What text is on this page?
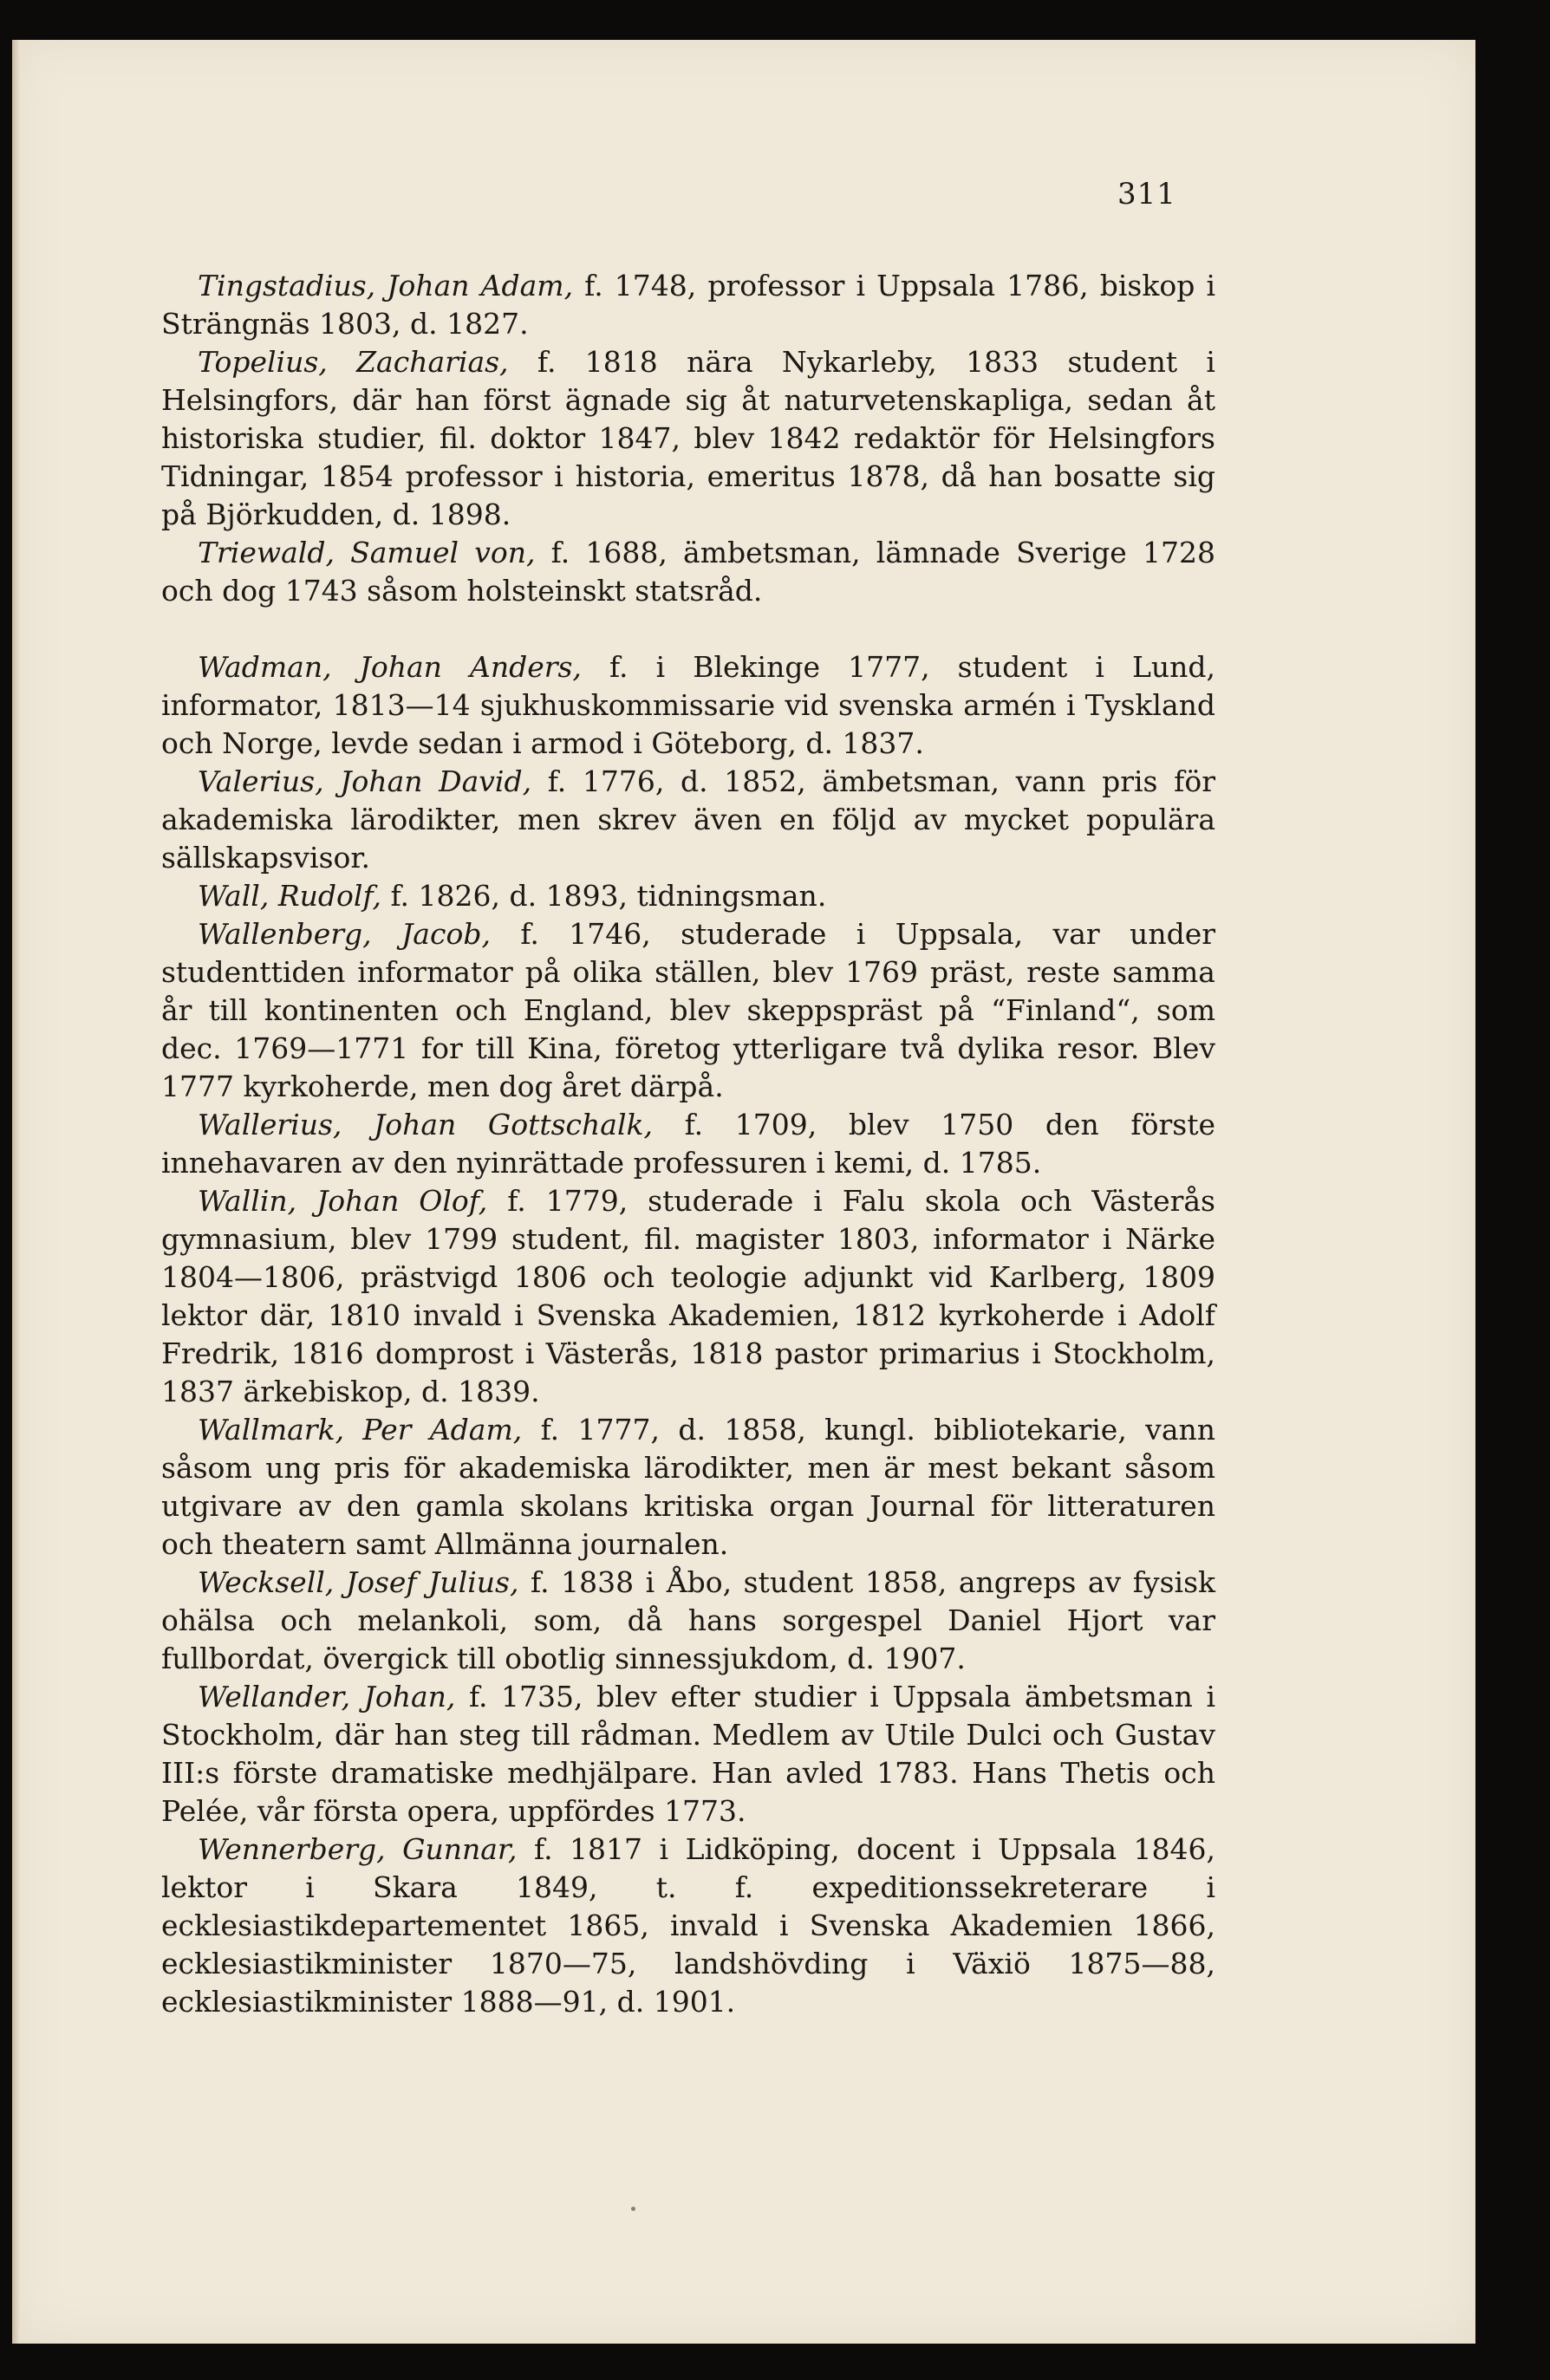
311

Tingstadius, Johan Adam, f. 1748, professor i Uppsala 1786, biskop i Strängnäs 1803, d. 1827.

Topelius, Zacharias, f. 1818 nära Nykarleby, 1833 student i Helsingfors, där han först ägnade sig åt naturvetenskapliga, sedan åt historiska studier, fil. doktor 1847, blev 1842 redaktör för Helsingfors Tidningar, 1854 professor i historia, emeritus 1878, då han bosatte sig på Björkudden, d. 1898.

Triewald, Samuel von, f. 1688, ämbetsman, lämnade Sverige 1728 och dog 1743 såsom holsteinskt statsråd.

Wadman, Johan Anders, f. i Blekinge 1777, student i Lund, informator, 1813—14 sjukhuskommissarie vid svenska armén i Tyskland och Norge, levde sedan i armod i Göteborg, d. 1837.

Valerius, Johan David, f. 1776, d. 1852, ämbetsman, vann pris för akademiska lärodikter, men skrev även en följd av mycket populära sällskapsvisor.

Wall, Rudolf, f. 1826, d. 1893, tidningsman.

Wallenberg, Jacob, f. 1746, studerade i Uppsala, var under studenttiden informator på olika ställen, blev 1769 präst, reste samma år till kontinenten och England, blev skeppspräst på “Finland“, som dec. 1769—1771 for till Kina, företog ytterligare två dylika resor. Blev 1777 kyrkoherde, men dog året därpå.

Wallerius, Johan Gottschalk, f. 1709, blev 1750 den förste innehavaren av den nyinrättade professuren i kemi, d. 1785.

Wallin, Johan Olof, f. 1779, studerade i Falu skola och Västerås gymnasium, blev 1799 student, fil. magister 1803, informator i Närke 1804—1806, prästvigd 1806 och teologie adjunkt vid Karlberg, 1809 lektor där, 1810 invald i Svenska Akademien, 1812 kyrkoherde i Adolf Fredrik, 1816 domprost i Västerås, 1818 pastor primarius i Stockholm, 1837 ärkebiskop, d. 1839.

Wallmark, Per Adam, f. 1777, d. 1858, kungl. bibliotekarie, vann såsom ung pris för akademiska lärodikter, men är mest bekant såsom utgivare av den gamla skolans kritiska organ Journal för litteraturen och theatern samt Allmänna journalen.

Wecksell, Josef Julius, f. 1838 i Åbo, student 1858, angreps av fysisk ohälsa och melankoli, som, då hans sorgespel Daniel Hjort var fullbordat, övergick till obotlig sinnessjukdom, d. 1907.

Wellander, Johan, f. 1735, blev efter studier i Uppsala ämbetsman i Stockholm, där han steg till rådman. Medlem av Utile Dulci och Gustav III:s förste dramatiske medhjälpare. Han avled 1783. Hans Thetis och Pelée, vår första opera, uppfördes 1773.

Wennerberg, Gunnar, f. 1817 i Lidköping, docent i Uppsala 1846, lektor i Skara 1849, t. f. expeditionssekreterare i ecklesiastikdepartementet 1865, invald i Svenska Akademien 1866, ecklesiastikminister 1870—75, landshövding i Växiö 1875—88, ecklesiastikminister 1888—91, d. 1901.
